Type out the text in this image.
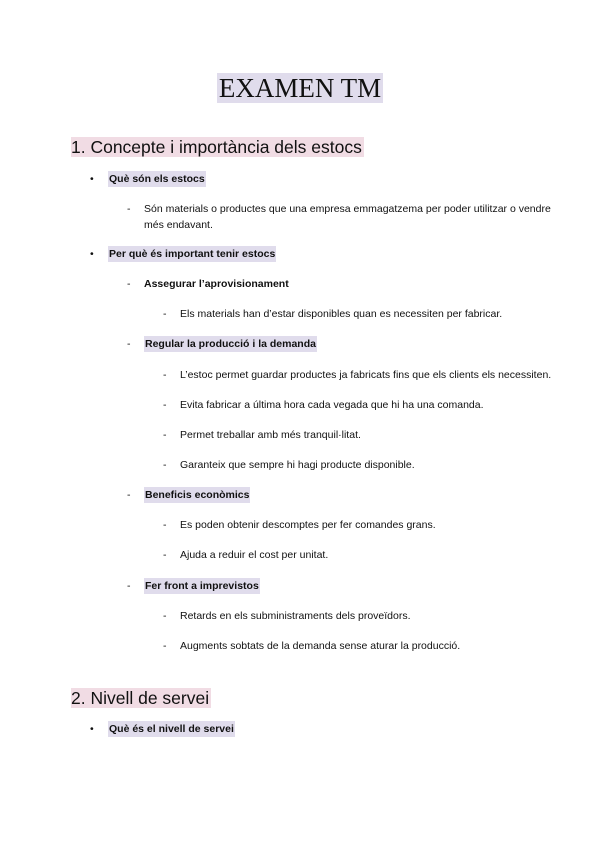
EXAMEN TM
1. Concepte i importància dels estocs
• Què són els estocs
- Són materials o productes que una empresa emmagatzema per poder utilitzar o vendre
més endavant.
• Per què és important tenir estocs
- Assegurar l’aprovisionament
- Els materials han d’estar disponibles quan es necessiten per fabricar.
- Regular la producció i la demanda
- L’estoc permet guardar productes ja fabricats fins que els clients els necessiten.
- Evita fabricar a última hora cada vegada que hi ha una comanda.
- Permet treballar amb més tranquil·litat.
- Garanteix que sempre hi hagi producte disponible.
- Beneficis econòmics
- Es poden obtenir descomptes per fer comandes grans.
- Ajuda a reduir el cost per unitat.
- Fer front a imprevistos
- Retards en els subministraments dels proveïdors.
- Augments sobtats de la demanda sense aturar la producció.
2. Nivell de servei
• Què és el nivell de servei
